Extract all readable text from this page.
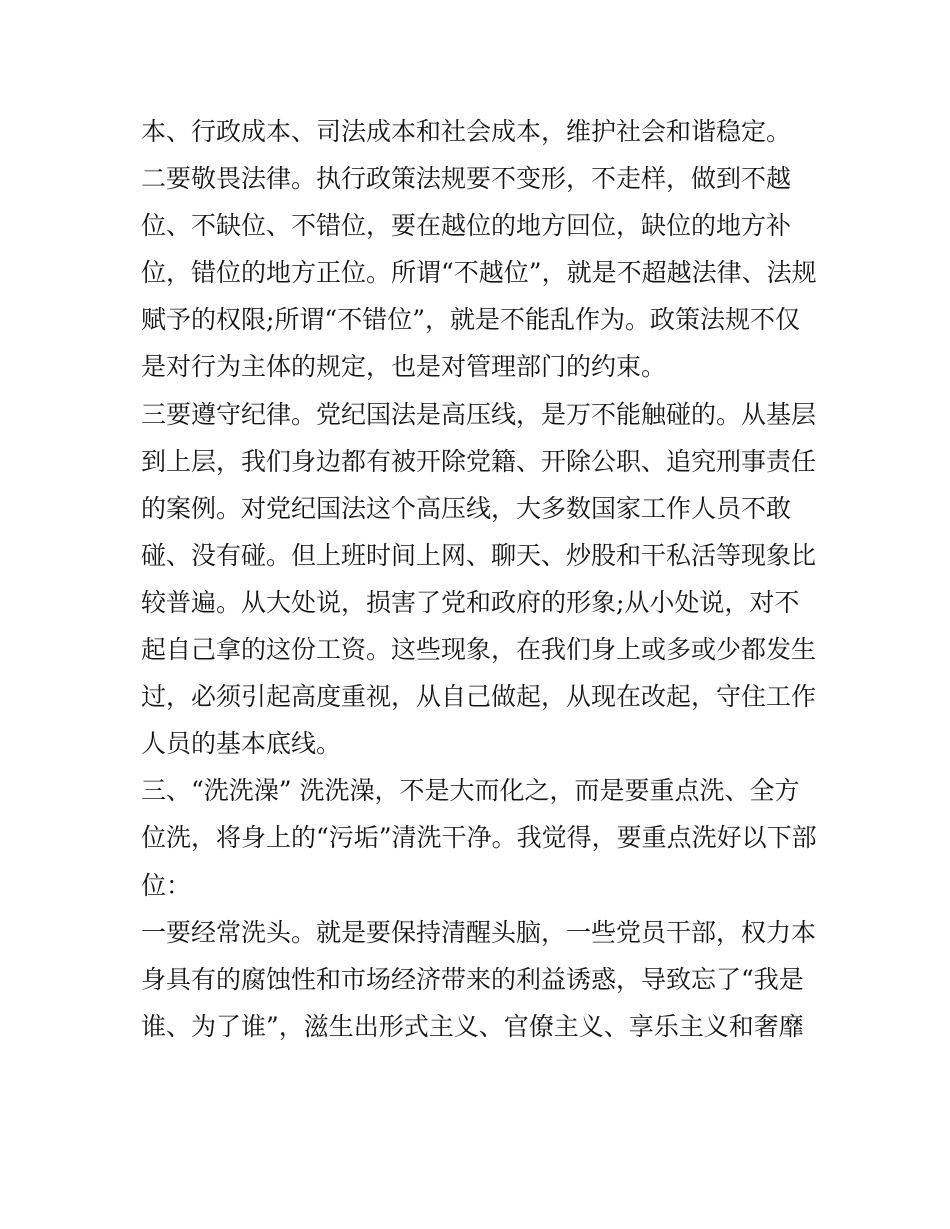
本、行政成本、司法成本和社会成本，维护社会和谐稳定。

二要敬畏法律。执行政策法规要不变形，不走样，做到不越

位、不缺位、不错位，要在越位的地方回位，缺位的地方补

位，错位的地方正位。所谓“不越位”，就是不超越法律、法规

赋予的权限;所谓“不错位”，就是不能乱作为。政策法规不仅

是对行为主体的规定，也是对管理部门的约束。

三要遵守纪律。党纪国法是高压线，是万不能触碰的。从基层

到上层，我们身边都有被开除党籍、开除公职、追究刑事责任

的案例。对党纪国法这个高压线，大多数国家工作人员不敢

碰、没有碰。但上班时间上网、聊天、炒股和干私活等现象比

较普遍。从大处说，损害了党和政府的形象;从小处说，对不

起自己拿的这份工资。这些现象，在我们身上或多或少都发生

过，必须引起高度重视，从自己做起，从现在改起，守住工作

人员的基本底线。

三、“洗洗澡” 洗洗澡，不是大而化之，而是要重点洗、全方

位洗，将身上的“污垢”清洗干净。我觉得，要重点洗好以下部

位：

一要经常洗头。就是要保持清醒头脑，一些党员干部，权力本

身具有的腐蚀性和市场经济带来的利益诱惑，导致忘了“我是

谁、为了谁”，滋生出形式主义、官僚主义、享乐主义和奢靡
